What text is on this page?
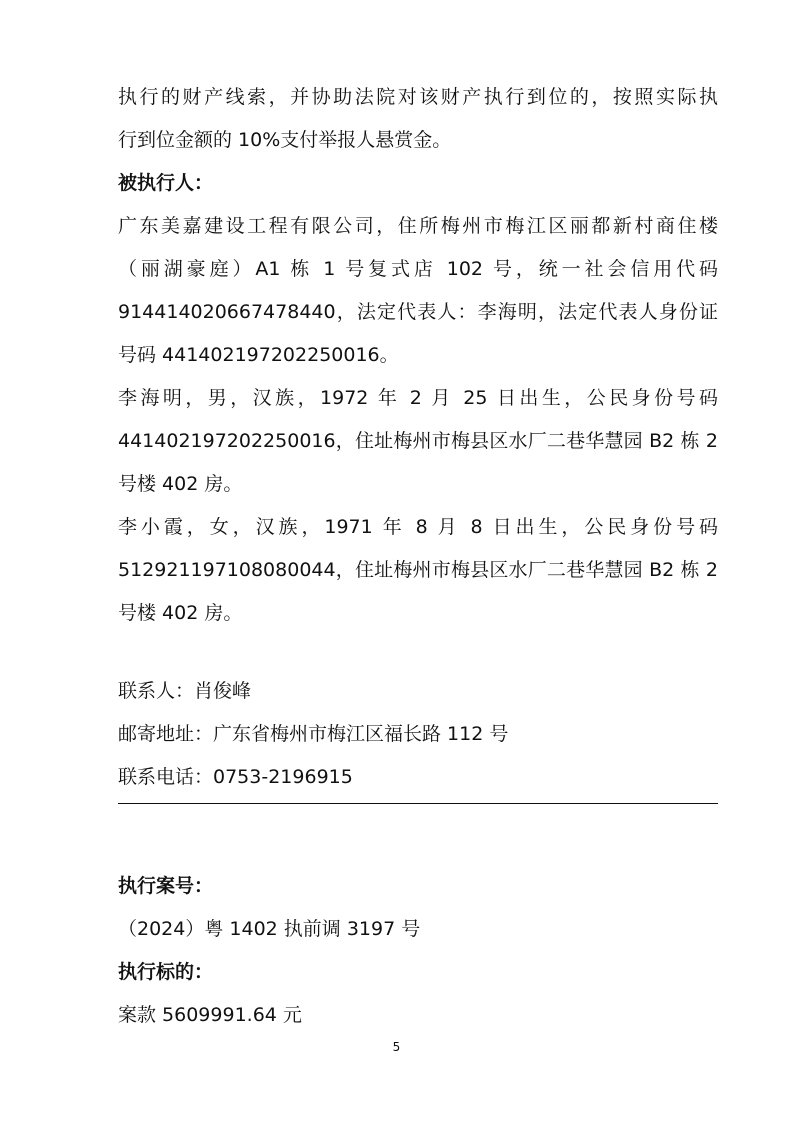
执行的财产线索，并协助法院对该财产执行到位的，按照实际执
行到位金额的 10%支付举报人悬赏金。
被执行人：
广东美嘉建设工程有限公司，住所梅州市梅江区丽都新村商住楼
（丽湖豪庭）A1 栋 1 号复式店 102 号，统一社会信用代码
914414020667478440，法定代表人：李海明，法定代表人身份证
号码 441402197202250016。
李海明，男，汉族，1972 年 2 月 25 日出生，公民身份号码
441402197202250016，住址梅州市梅县区水厂二巷华慧园 B2 栋 2
号楼 402 房。
李小霞，女，汉族，1971 年 8 月 8 日出生，公民身份号码
512921197108080044，住址梅州市梅县区水厂二巷华慧园 B2 栋 2
号楼 402 房。
联系人：肖俊峰
邮寄地址：广东省梅州市梅江区福长路 112 号
联系电话：0753-2196915
执行案号：
（2024）粤 1402 执前调 3197 号
执行标的：
案款 5609991.64 元
5
